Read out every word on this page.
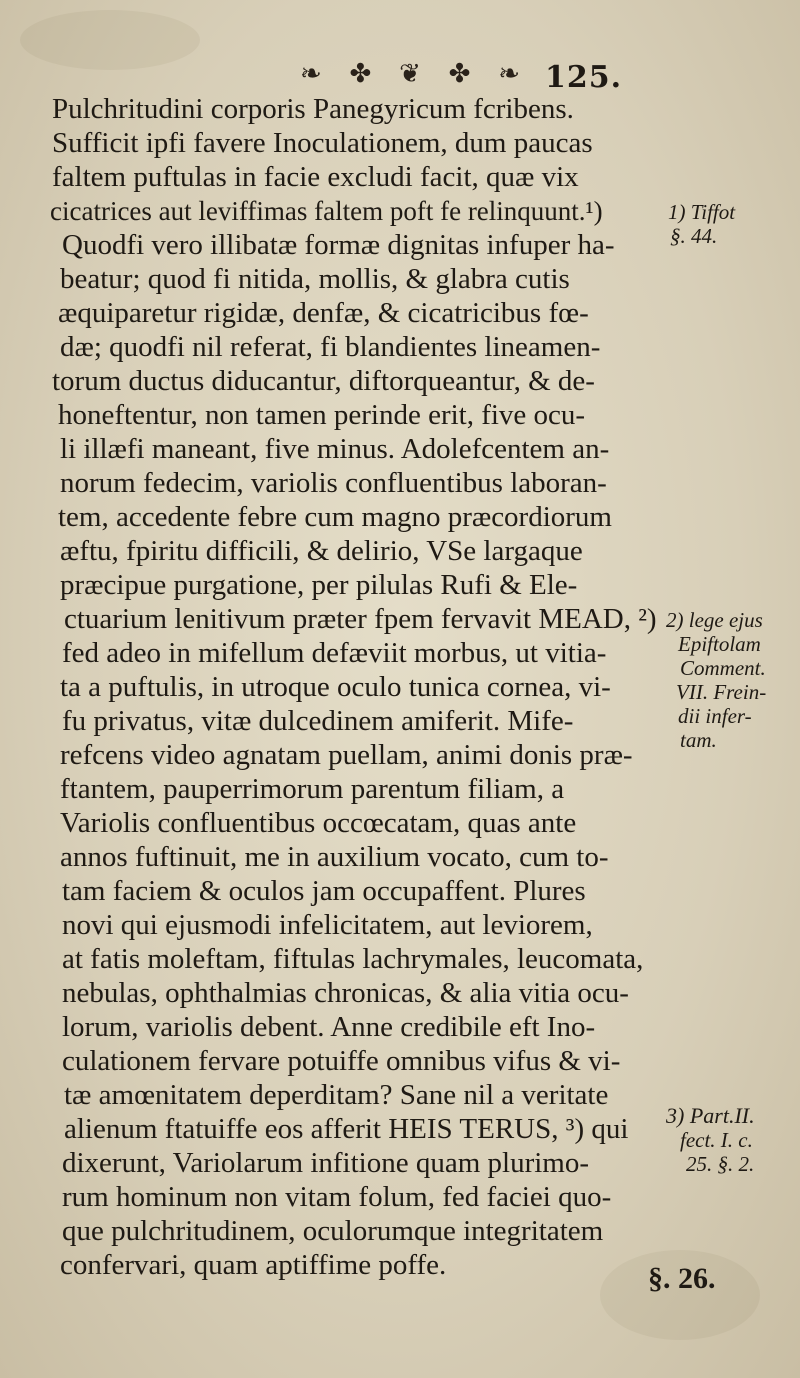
❧ ✤ ❦ ✤ ❧ 125.
Pulchritudini corporis Panegyricum fcribens.
Sufficit ipfi favere Inoculationem, dum paucas
faltem puftulas in facie excludi facit, quæ vix
cicatrices aut leviffimas faltem poft fe relinquunt.¹)
Quodfi vero illibatæ formæ dignitas infuper ha-
beatur; quod fi nitida, mollis, & glabra cutis
æquiparetur rigidæ, denfæ, & cicatricibus fœ-
dæ; quodfi nil referat, fi blandientes lineamen-
torum ductus diducantur, diftorqueantur, & de-
honeftentur, non tamen perinde erit, five ocu-
li illæfi maneant, five minus. Adolefcentem an-
norum fedecim, variolis confluentibus laboran-
tem, accedente febre cum magno præcordiorum
æftu, fpiritu difficili, & delirio, VSe largaque
præcipue purgatione, per pilulas Rufi & Ele-
ctuarium lenitivum præter fpem fervavit MEAD, ²)
fed adeo in mifellum defæviit morbus, ut vitia-
ta a puftulis, in utroque oculo tunica cornea, vi-
fu privatus, vitæ dulcedinem amiferit. Mife-
refcens video agnatam puellam, animi donis præ-
ftantem, pauperrimorum parentum filiam, a
Variolis confluentibus occœcatam, quas ante
annos fuftinuit, me in auxilium vocato, cum to-
tam faciem & oculos jam occupaffent. Plures
novi qui ejusmodi infelicitatem, aut leviorem,
at fatis moleftam, fiftulas lachrymales, leucomata,
nebulas, ophthalmias chronicas, & alia vitia ocu-
lorum, variolis debent. Anne credibile eft Ino-
culationem fervare potuiffe omnibus vifus & vi-
tæ amœnitatem deperditam? Sane nil a veritate
alienum ftatuiffe eos afferit HEIS TERUS, ³) qui
dixerunt, Variolarum infitione quam plurimo-
rum hominum non vitam folum, fed faciei quo-
que pulchritudinem, oculorumque integritatem
confervari, quam aptiffime poffe.
1) Tiffot
§. 44.
2) lege ejus
Epiftolam
Comment.
VII. Frein-
dii infer-
tam.
3) Part.II.
fect. I. c.
25. §. 2.
§. 26.
